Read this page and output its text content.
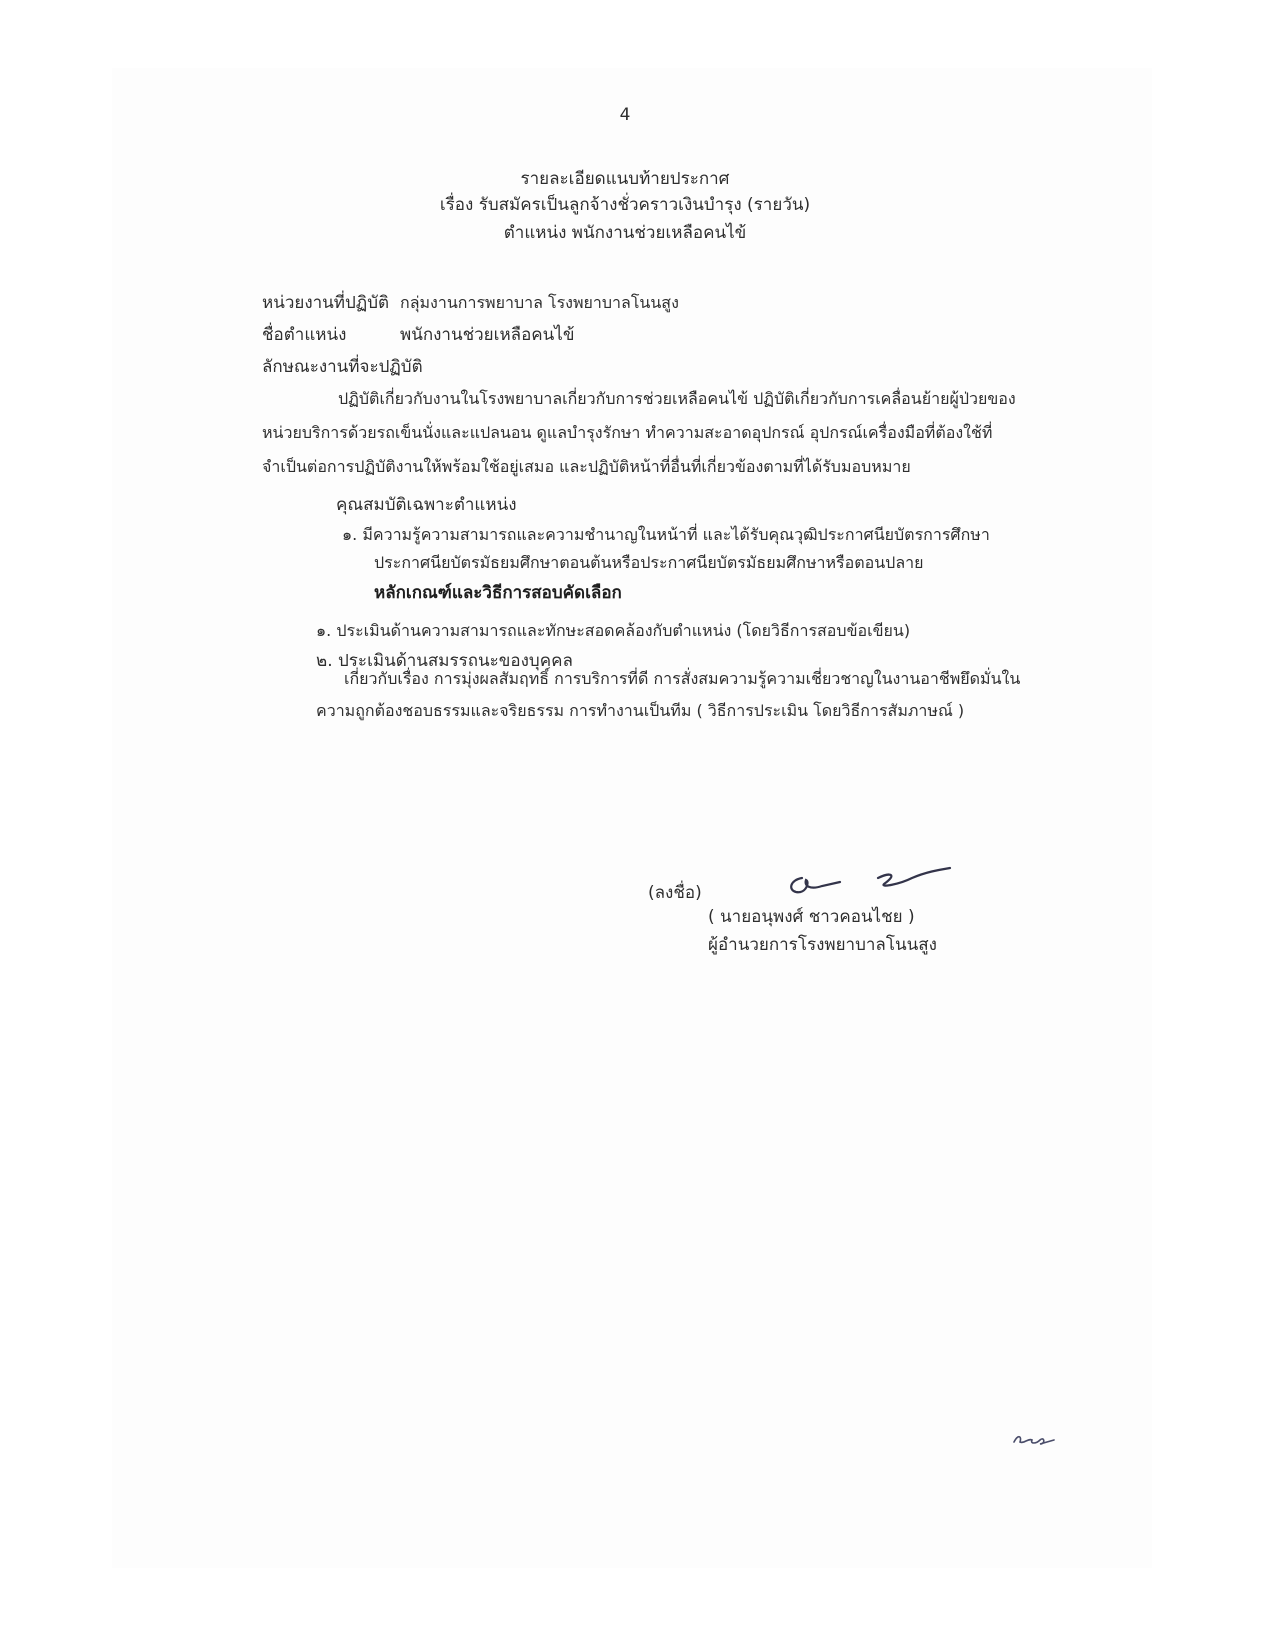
4
รายละเอียดแนบท้ายประกาศ
เรื่อง รับสมัครเป็นลูกจ้างชั่วคราวเงินบำรุง (รายวัน)
ตำแหน่ง พนักงานช่วยเหลือคนไข้
หน่วยงานที่ปฏิบัติ กลุ่มงานการพยาบาล โรงพยาบาลโนนสูง
ชื่อตำแหน่ง	พนักงานช่วยเหลือคนไข้
ลักษณะงานที่จะปฏิบัติ
ปฏิบัติเกี่ยวกับงานในโรงพยาบาลเกี่ยวกับการช่วยเหลือคนไข้ ปฏิบัติเกี่ยวกับการเคลื่อนย้ายผู้ป่วยของ
หน่วยบริการด้วยรถเข็นนั่งและแปลนอน ดูแลบำรุงรักษา ทำความสะอาดอุปกรณ์ อุปกรณ์เครื่องมือที่ต้องใช้ที่
จำเป็นต่อการปฏิบัติงานให้พร้อมใช้อยู่เสมอ และปฏิบัติหน้าที่อื่นที่เกี่ยวข้องตามที่ได้รับมอบหมาย
คุณสมบัติเฉพาะตำแหน่ง
๑. มีความรู้ความสามารถและความชำนาญในหน้าที่ และได้รับคุณวุฒิประกาศนียบัตรการศึกษา
ประกาศนียบัตรมัธยมศึกษาตอนต้นหรือประกาศนียบัตรมัธยมศึกษาหรือตอนปลาย
หลักเกณฑ์และวิธีการสอบคัดเลือก
๑. ประเมินด้านความสามารถและทักษะสอดคล้องกับตำแหน่ง (โดยวิธีการสอบข้อเขียน)
๒. ประเมินด้านสมรรถนะของบุคคล
เกี่ยวกับเรื่อง การมุ่งผลสัมฤทธิ์ การบริการที่ดี การสั่งสมความรู้ความเชี่ยวชาญในงานอาชีพยึดมั่นใน
ความถูกต้องชอบธรรมและจริยธรรม การทำงานเป็นทีม ( วิธีการประเมิน โดยวิธีการสัมภาษณ์ )
(ลงชื่อ)
( นายอนุพงศ์ ชาวคอนไชย )
ผู้อำนวยการโรงพยาบาลโนนสูง
